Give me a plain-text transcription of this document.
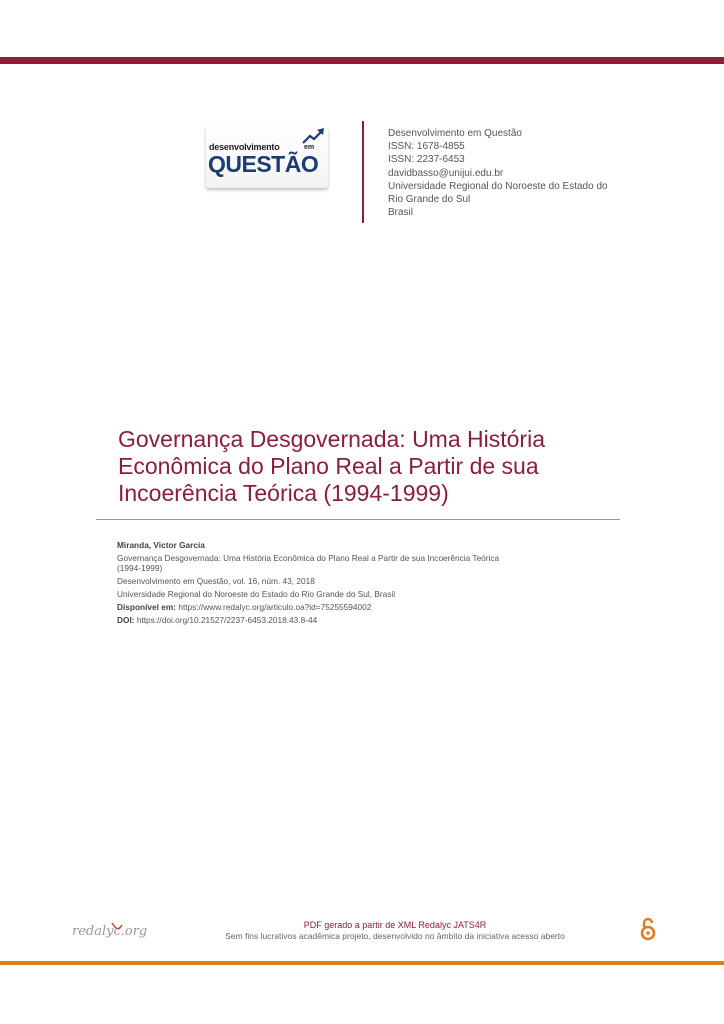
desenvolvimento	em
QUESTÃO
Desenvolvimento em Questão
ISSN: 1678-4855
ISSN: 2237-6453
davidbasso@unijui.edu.br
Universidade Regional do Noroeste do Estado do
Rio Grande do Sul
Brasil
Governança Desgovernada: Uma História Econômica do Plano Real a Partir de sua Incoerência Teórica (1994-1999)
Miranda, Victor Garcia
Governança Desgovernada: Uma História Econômica do Plano Real a Partir de sua Incoerência Teórica
(1994-1999)
Desenvolvimento em Questão, vol. 16, núm. 43, 2018
Universidade Regional do Noroeste do Estado do Rio Grande do Sul, Brasil
Disponível em: https://www.redalyc.org/articulo.oa?id=75255594002
DOI: https://doi.org/10.21527/2237-6453.2018.43.8-44
redalyc.org	PDF gerado a partir de XML Redalyc JATS4R
Sem fins lucrativos acadêmica projeto, desenvolvido no âmbito da iniciativa acesso aberto
